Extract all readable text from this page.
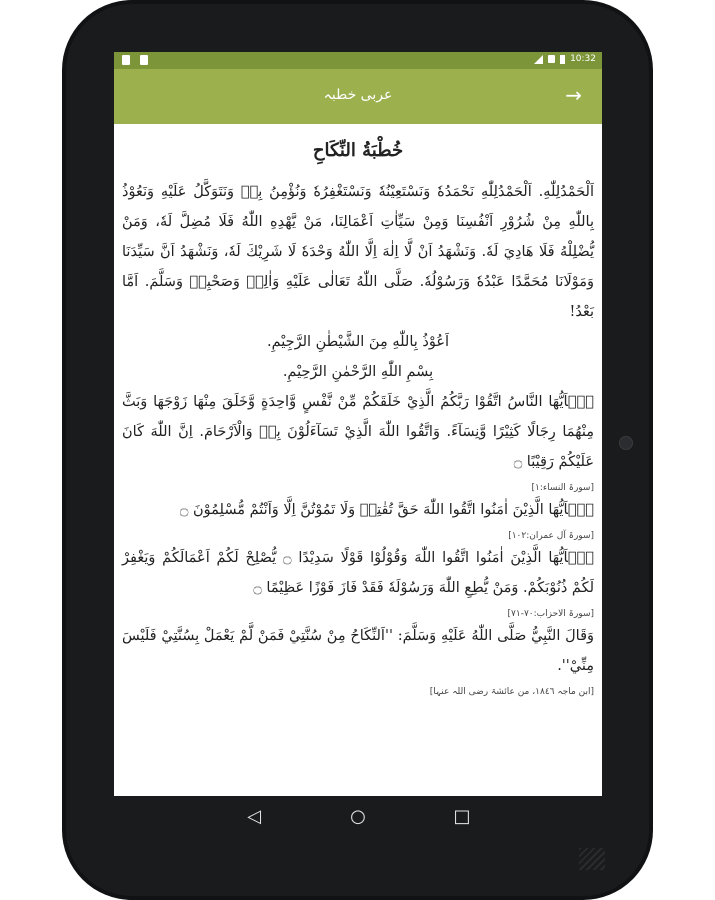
10:32
عربی خطبہ	→
خُطْبَةُ النِّكَاحِ

اَلْحَمْدُلِلّٰهِ. اَلْحَمْدُلِلّٰهِ نَحْمَدُهٗ وَنَسْتَعِيْنُهٗ وَنَسْتَغْفِرُهٗ وَنُؤْمِنُ بِهٖ وَنَتَوَكَّلُ عَلَيْهِ وَنَعُوْذُ بِاللّٰهِ مِنْ شُرُوْرِ اَنْفُسِنَا وَمِنْ سَيِّاٰتِ اَعْمَالِنَا، مَنْ يَّهْدِهِ اللّٰهُ فَلَا مُضِلَّ لَهٗ، وَمَنْ يُّضْلِلْهُ فَلَا هَادِيَ لَهٗ. وَنَشْهَدُ اَنْ لَّا اِلٰهَ اِلَّا اللّٰهُ وَحْدَهٗ لَا شَرِيْكَ لَهٗ، وَنَشْهَدُ اَنَّ سَيِّدَنَا وَمَوْلَانَا مُحَمَّدًا عَبْدُهٗ وَرَسُوْلُهٗ. صَلَّى اللّٰهُ تَعَالٰى عَلَيْهِ وَاٰلِهٖ وَصَحْبِهٖ وَسَلَّمَ. اَمَّا بَعْدُ!

اَعُوْذُ بِاللّٰهِ مِنَ الشَّيْطٰنِ الرَّجِيْمِ.

بِسْمِ اللّٰهِ الرَّحْمٰنِ الرَّحِيْمِ.

يٰۤاَيُّهَا النَّاسُ اتَّقُوْا رَبَّكُمُ الَّذِيْ خَلَقَكُمْ مِّنْ نَّفْسٍ وَّاحِدَةٍ وَّخَلَقَ مِنْهَا زَوْجَهَا وَبَثَّ مِنْهُمَا رِجَالًا كَثِيْرًا وَّنِسَآءً. وَاتَّقُوا اللّٰهَ الَّذِيْ تَسَآءَلُوْنَ بِهٖ وَالْاَرْحَامَ. اِنَّ اللّٰهَ كَانَ عَلَيْكُمْ رَقِيْبًا ۝

[سورۃ النساء:١]

يٰۤاَيُّهَا الَّذِيْنَ اٰمَنُوا اتَّقُوا اللّٰهَ حَقَّ تُقٰتِهٖ وَلَا تَمُوْتُنَّ اِلَّا وَاَنْتُمْ مُّسْلِمُوْنَ ۝

[سورۃ آل عمران:١٠٢]

يٰۤاَيُّهَا الَّذِيْنَ اٰمَنُوا اتَّقُوا اللّٰهَ وَقُوْلُوْا قَوْلًا سَدِيْدًا ۝ يُّصْلِحْ لَكُمْ اَعْمَالَكُمْ وَيَغْفِرْ لَكُمْ ذُنُوْبَكُمْ. وَمَنْ يُّطِعِ اللّٰهَ وَرَسُوْلَهٗ فَقَدْ فَازَ فَوْزًا عَظِيْمًا ۝

[سورۃ الاحزاب:٧٠-٧١]

وَقَالَ النَّبِيُّ صَلَّى اللّٰهُ عَلَيْهِ وَسَلَّمَ: ''اَلنِّكَاحُ مِنْ سُنَّتِيْ فَمَنْ لَّمْ يَعْمَلْ بِسُنَّتِيْ فَلَيْسَ مِنِّيْ''.

[ابن ماجہ ١٨٤٦، من عائشۃ رضی اللہ عنہا]
◁	○	□
